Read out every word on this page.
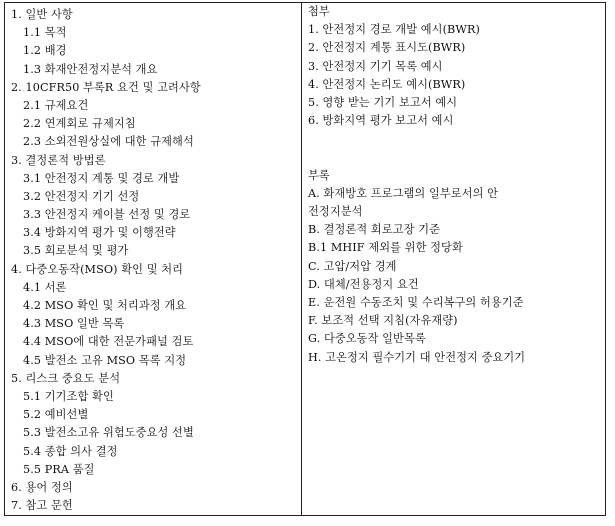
1. 일반 사항
1.1 목적
1.2 배경
1.3 화재안전정지분석 개요
2. 10CFR50 부록R 요건 및 고려사항
2.1 규제요건
2.2 연계회로 규제지침
2.3 소외전원상실에 대한 규제해석
3. 결정론적 방법론
3.1 안전정지 계통 및 경로 개발
3.2 안전정지 기기 선정
3.3 안전정지 케이블 선정 및 경로
3.4 방화지역 평가 및 이행전략
3.5 회로분석 및 평가
4. 다중오동작(MSO) 확인 및 처리
4.1 서론
4.2 MSO 확인 및 처리과정 개요
4.3 MSO 일반 목록
4.4 MSO에 대한 전문가패널 검토
4.5 발전소 고유 MSO 목록 지정
5. 리스크 중요도 분석
5.1 기기조합 확인
5.2 예비선별
5.3 발전소고유 위험도중요성 선별
5.4 종합 의사 결정
5.5 PRA 품질
6. 용어 정의
7. 참고 문헌
첨부
1. 안전정지 경로 개발 예시(BWR)
2. 안전정지 계통 표시도(BWR)
3. 안전정지 기기 목록 예시
4. 안전정지 논리도 예시(BWR)
5. 영향 받는 기기 보고서 예시
6. 방화지역 평가 보고서 예시
부록
A. 화재방호 프로그램의 일부로서의 안
전정지분석
B. 결정론적 회로고장 기준
B.1 MHIF 제외를 위한 정당화
C. 고압/저압 경계
D. 대체/전용정지 요건
E. 운전원 수동조치 및 수리복구의 허용기준
F. 보조적 선택 지침(자유재량)
G. 다중오동작 일반목록
H. 고온정지 필수기기 대 안전정지 중요기기
